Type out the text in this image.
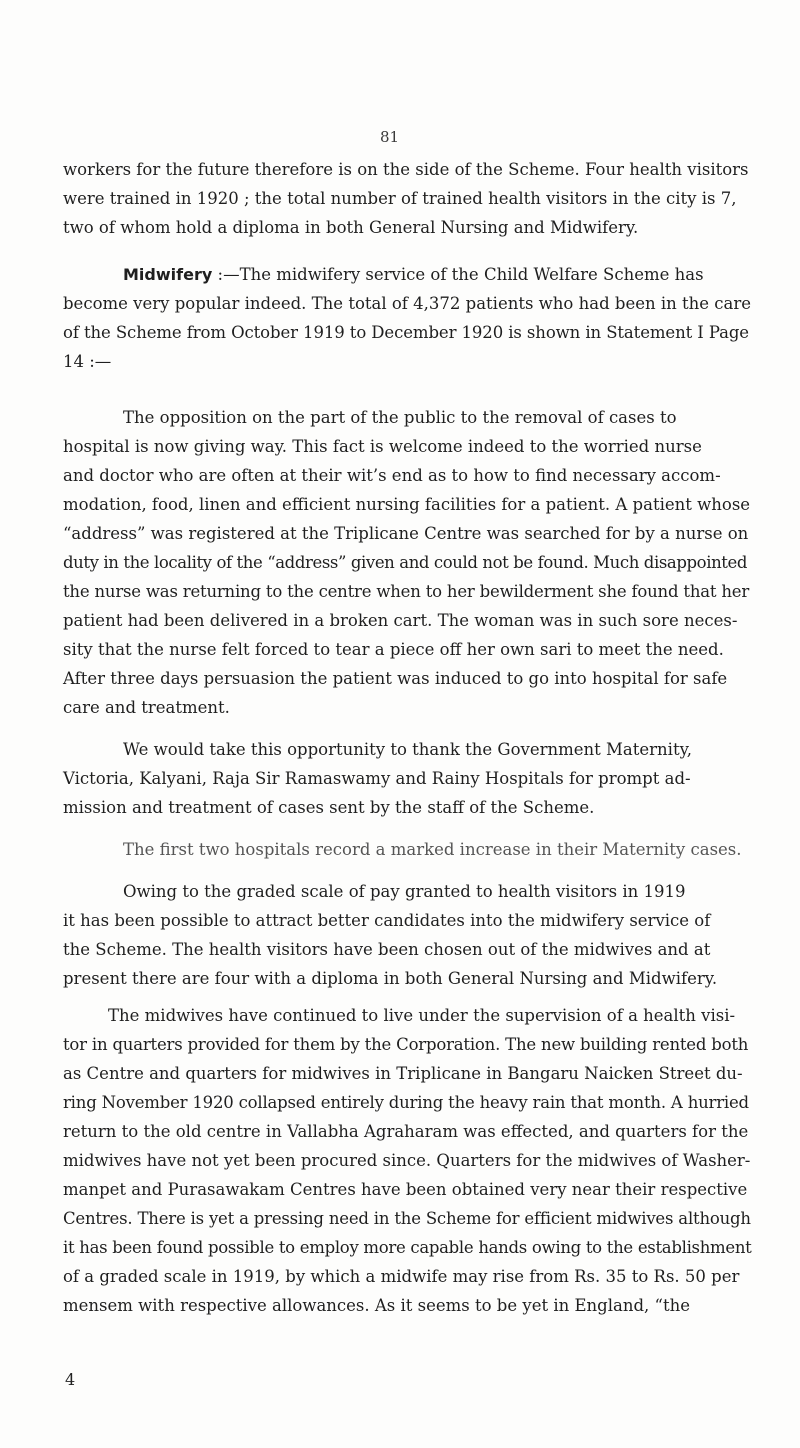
81

workers for the future therefore is on the side of the Scheme. Four health visitors

were trained in 1920 ; the total number of trained health visitors in the city is 7,

two of whom hold a diploma in both General Nursing and Midwifery.

Midwifery :—The midwifery service of the Child Welfare Scheme has

become very popular indeed. The total of 4,372 patients who had been in the care

of the Scheme from October 1919 to December 1920 is shown in Statement I Page

14 :—

The opposition on the part of the public to the removal of cases to

hospital is now giving way. This fact is welcome indeed to the worried nurse

and doctor who are often at their wit’s end as to how to find necessary accom-

modation, food, linen and efficient nursing facilities for a patient. A patient whose

“address” was registered at the Triplicane Centre was searched for by a nurse on

duty in the locality of the “address” given and could not be found. Much disappointed

the nurse was returning to the centre when to her bewilderment she found that her

patient had been delivered in a broken cart. The woman was in such sore neces-

sity that the nurse felt forced to tear a piece off her own sari to meet the need.

After three days persuasion the patient was induced to go into hospital for safe

care and treatment.

We would take this opportunity to thank the Government Maternity,

Victoria, Kalyani, Raja Sir Ramaswamy and Rainy Hospitals for prompt ad-

mission and treatment of cases sent by the staff of the Scheme.

The first two hospitals record a marked increase in their Maternity cases.

Owing to the graded scale of pay granted to health visitors in 1919

it has been possible to attract better candidates into the midwifery service of

the Scheme. The health visitors have been chosen out of the midwives and at

present there are four with a diploma in both General Nursing and Midwifery.

The midwives have continued to live under the supervision of a health visi-

tor in quarters provided for them by the Corporation. The new building rented both

as Centre and quarters for midwives in Triplicane in Bangaru Naicken Street du-

ring November 1920 collapsed entirely during the heavy rain that month. A hurried

return to the old centre in Vallabha Agraharam was effected, and quarters for the

midwives have not yet been procured since. Quarters for the midwives of Washer-

manpet and Purasawakam Centres have been obtained very near their respective

Centres. There is yet a pressing need in the Scheme for efficient midwives although

it has been found possible to employ more capable hands owing to the establishment

of a graded scale in 1919, by which a midwife may rise from Rs. 35 to Rs. 50 per

mensem with respective allowances. As it seems to be yet in England, “the

4
